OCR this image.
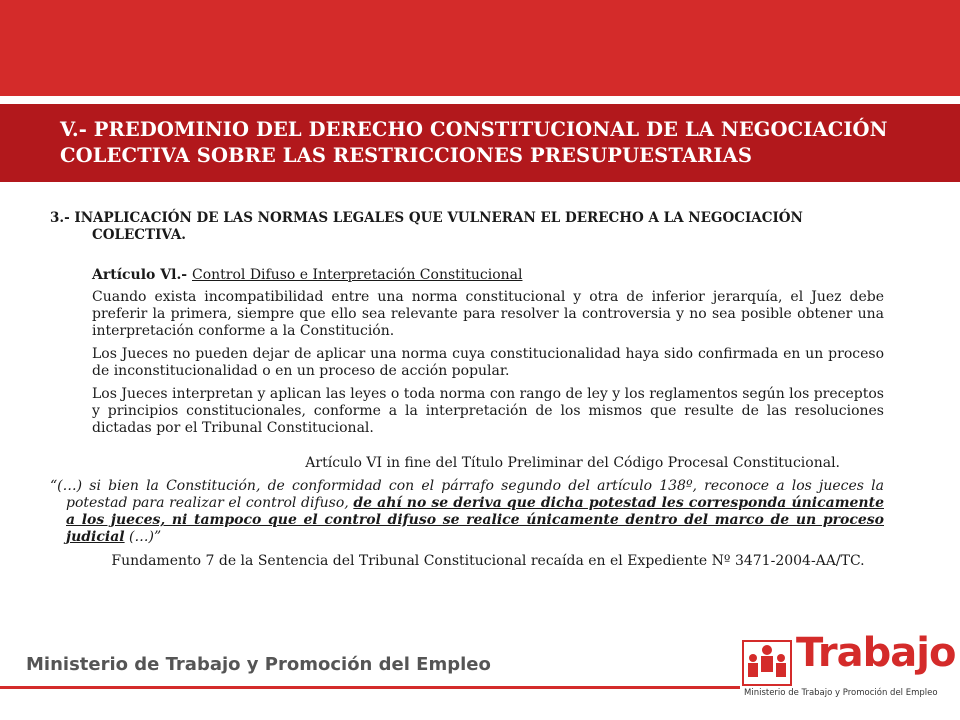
V.- PREDOMINIO DEL DERECHO CONSTITUCIONAL DE LA NEGOCIACIÓN COLECTIVA SOBRE LAS RESTRICCIONES PRESUPUESTARIAS

3.- INAPLICACIÓN DE LAS NORMAS LEGALES QUE VULNERAN EL DERECHO A LA NEGOCIACIÓN COLECTIVA.

Artículo Vl.- Control Difuso e Interpretación Constitucional

Cuando exista incompatibilidad entre una norma constitucional y otra de inferior jerarquía, el Juez debe preferir la primera, siempre que ello sea relevante para resolver la controversia y no sea posible obtener una interpretación conforme a la Constitución.

Los Jueces no pueden dejar de aplicar una norma cuya constitucionalidad haya sido confirmada en un proceso de inconstitucionalidad o en un proceso de acción popular.

Los Jueces interpretan y aplican las leyes o toda norma con rango de ley y los reglamentos según los preceptos y principios constitucionales, conforme a la interpretación de los mismos que resulte de las resoluciones dictadas por el Tribunal Constitucional.

Artículo VI in fine del Título Preliminar del Código Procesal Constitucional.

“(…) si bien la Constitución, de conformidad con el párrafo segundo del artículo 138º, reconoce a los jueces la potestad para realizar el control difuso, de ahí no se deriva que dicha potestad les corresponda únicamente a los jueces, ni tampoco que el control difuso se realice únicamente dentro del marco de un proceso judicial (…)”

Fundamento 7 de la Sentencia del Tribunal Constitucional recaída en el Expediente Nº 3471-2004-AA/TC.

Ministerio de Trabajo y Promoción del Empleo	Trabajo
Ministerio de Trabajo y Promoción del Empleo
